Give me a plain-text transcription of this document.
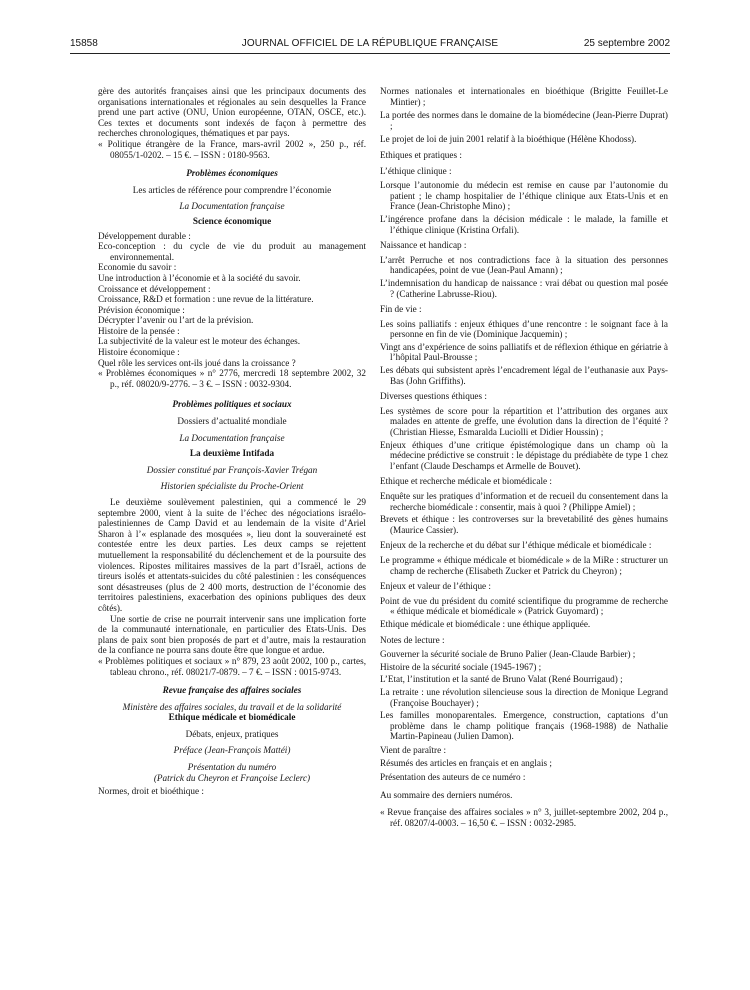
15858	JOURNAL OFFICIEL DE LA RÉPUBLIQUE FRANÇAISE	25 septembre 2002

gère des autorités françaises ainsi que les principaux documents des organisations internationales et régionales au sein desquelles la France prend une part active (ONU, Union européenne, OTAN, OSCE, etc.). Ces textes et documents sont indexés de façon à permettre des recherches chronologiques, thématiques et par pays.

« Politique étrangère de la France, mars-avril 2002 », 250 p., réf. 08055/1-0202. – 15 €. – ISSN : 0180-9563.

Problèmes économiques

Les articles de référence pour comprendre l’économie

La Documentation française

Science économique

Développement durable :

Eco-conception : du cycle de vie du produit au management environnemental.

Economie du savoir :

Une introduction à l’économie et à la société du savoir.

Croissance et développement :

Croissance, R&D et formation : une revue de la littérature.

Prévision économique :

Décrypter l’avenir ou l’art de la prévision.

Histoire de la pensée :

La subjectivité de la valeur est le moteur des échanges.

Histoire économique :

Quel rôle les services ont-ils joué dans la croissance ?

« Problèmes économiques » n° 2776, mercredi 18 septembre 2002, 32 p., réf. 08020/9-2776. – 3 €. – ISSN : 0032-9304.

Problèmes politiques et sociaux

Dossiers d’actualité mondiale

La Documentation française

La deuxième Intifada

Dossier constitué par François-Xavier Trégan

Historien spécialiste du Proche-Orient

Le deuxième soulèvement palestinien, qui a commencé le 29 septembre 2000, vient à la suite de l’échec des négociations israélo-palestiniennes de Camp David et au lendemain de la visite d’Ariel Sharon à l’« esplanade des mosquées », lieu dont la souveraineté est contestée entre les deux parties. Les deux camps se rejettent mutuellement la responsabilité du déclenchement et de la poursuite des violences. Ripostes militaires massives de la part d’Israël, actions de tireurs isolés et attentats-suicides du côté palestinien : les conséquences sont désastreuses (plus de 2 400 morts, destruction de l’économie des territoires palestiniens, exacerbation des opinions publiques des deux côtés).

Une sortie de crise ne pourrait intervenir sans une implication forte de la communauté internationale, en particulier des Etats-Unis. Des plans de paix sont bien proposés de part et d’autre, mais la restauration de la confiance ne pourra sans doute être que longue et ardue.

« Problèmes politiques et sociaux » n° 879, 23 août 2002, 100 p., cartes, tableau chrono., réf. 08021/7-0879. – 7 €. – ISSN : 0015-9743.

Revue française des affaires sociales

Ministère des affaires sociales, du travail et de la solidarité

Ethique médicale et biomédicale

Débats, enjeux, pratiques

Préface (Jean-François Mattéi)

Présentation du numéro

(Patrick du Cheyron et Françoise Leclerc)

Normes, droit et bioéthique :

Normes nationales et internationales en bioéthique (Brigitte Feuillet-Le Mintier) ;

La portée des normes dans le domaine de la biomédecine (Jean-Pierre Duprat) ;

Le projet de loi de juin 2001 relatif à la bioéthique (Hélène Khodoss).

Ethiques et pratiques :

L’éthique clinique :

Lorsque l’autonomie du médecin est remise en cause par l’autonomie du patient ; le champ hospitalier de l’éthique clinique aux Etats-Unis et en France (Jean-Christophe Mino) ;

L’ingérence profane dans la décision médicale : le malade, la famille et l’éthique clinique (Kristina Orfali).

Naissance et handicap :

L’arrêt Perruche et nos contradictions face à la situation des personnes handicapées, point de vue (Jean-Paul Amann) ;

L’indemnisation du handicap de naissance : vrai débat ou question mal posée ? (Catherine Labrusse-Riou).

Fin de vie :

Les soins palliatifs : enjeux éthiques d’une rencontre : le soignant face à la personne en fin de vie (Dominique Jacquemin) ;

Vingt ans d’expérience de soins palliatifs et de réflexion éthique en gériatrie à l’hôpital Paul-Brousse ;

Les débats qui subsistent après l’encadrement légal de l’euthanasie aux Pays-Bas (John Griffiths).

Diverses questions éthiques :

Les systèmes de score pour la répartition et l’attribution des organes aux malades en attente de greffe, une évolution dans la direction de l’équité ? (Christian Hiesse, Esmaralda Luciolli et Didier Houssin) ;

Enjeux éthiques d’une critique épistémologique dans un champ où la médecine prédictive se construit : le dépistage du prédiabète de type 1 chez l’enfant (Claude Deschamps et Armelle de Bouvet).

Ethique et recherche médicale et biomédicale :

Enquête sur les pratiques d’information et de recueil du consentement dans la recherche biomédicale : consentir, mais à quoi ? (Philippe Amiel) ;

Brevets et éthique : les controverses sur la brevetabilité des gènes humains (Maurice Cassier).

Enjeux de la recherche et du débat sur l’éthique médicale et biomédicale :

Le programme « éthique médicale et biomédicale » de la MiRe : structurer un champ de recherche (Elisabeth Zucker et Patrick du Cheyron) ;

Enjeux et valeur de l’éthique :

Point de vue du président du comité scientifique du programme de recherche « éthique médicale et biomédicale » (Patrick Guyomard) ;

Ethique médicale et biomédicale : une éthique appliquée.

Notes de lecture :

Gouverner la sécurité sociale de Bruno Palier (Jean-Claude Barbier) ;

Histoire de la sécurité sociale (1945-1967) ;

L’Etat, l’institution et la santé de Bruno Valat (René Bourrigaud) ;

La retraite : une révolution silencieuse sous la direction de Monique Legrand (Françoise Bouchayer) ;

Les familles monoparentales. Emergence, construction, captations d’un problème dans le champ politique français (1968-1988) de Nathalie Martin-Papineau (Julien Damon).

Vient de paraître :

Résumés des articles en français et en anglais ;

Présentation des auteurs de ce numéro :

Au sommaire des derniers numéros.

« Revue française des affaires sociales » n° 3, juillet-septembre 2002, 204 p., réf. 08207/4-0003. – 16,50 €. – ISSN : 0032-2985.
